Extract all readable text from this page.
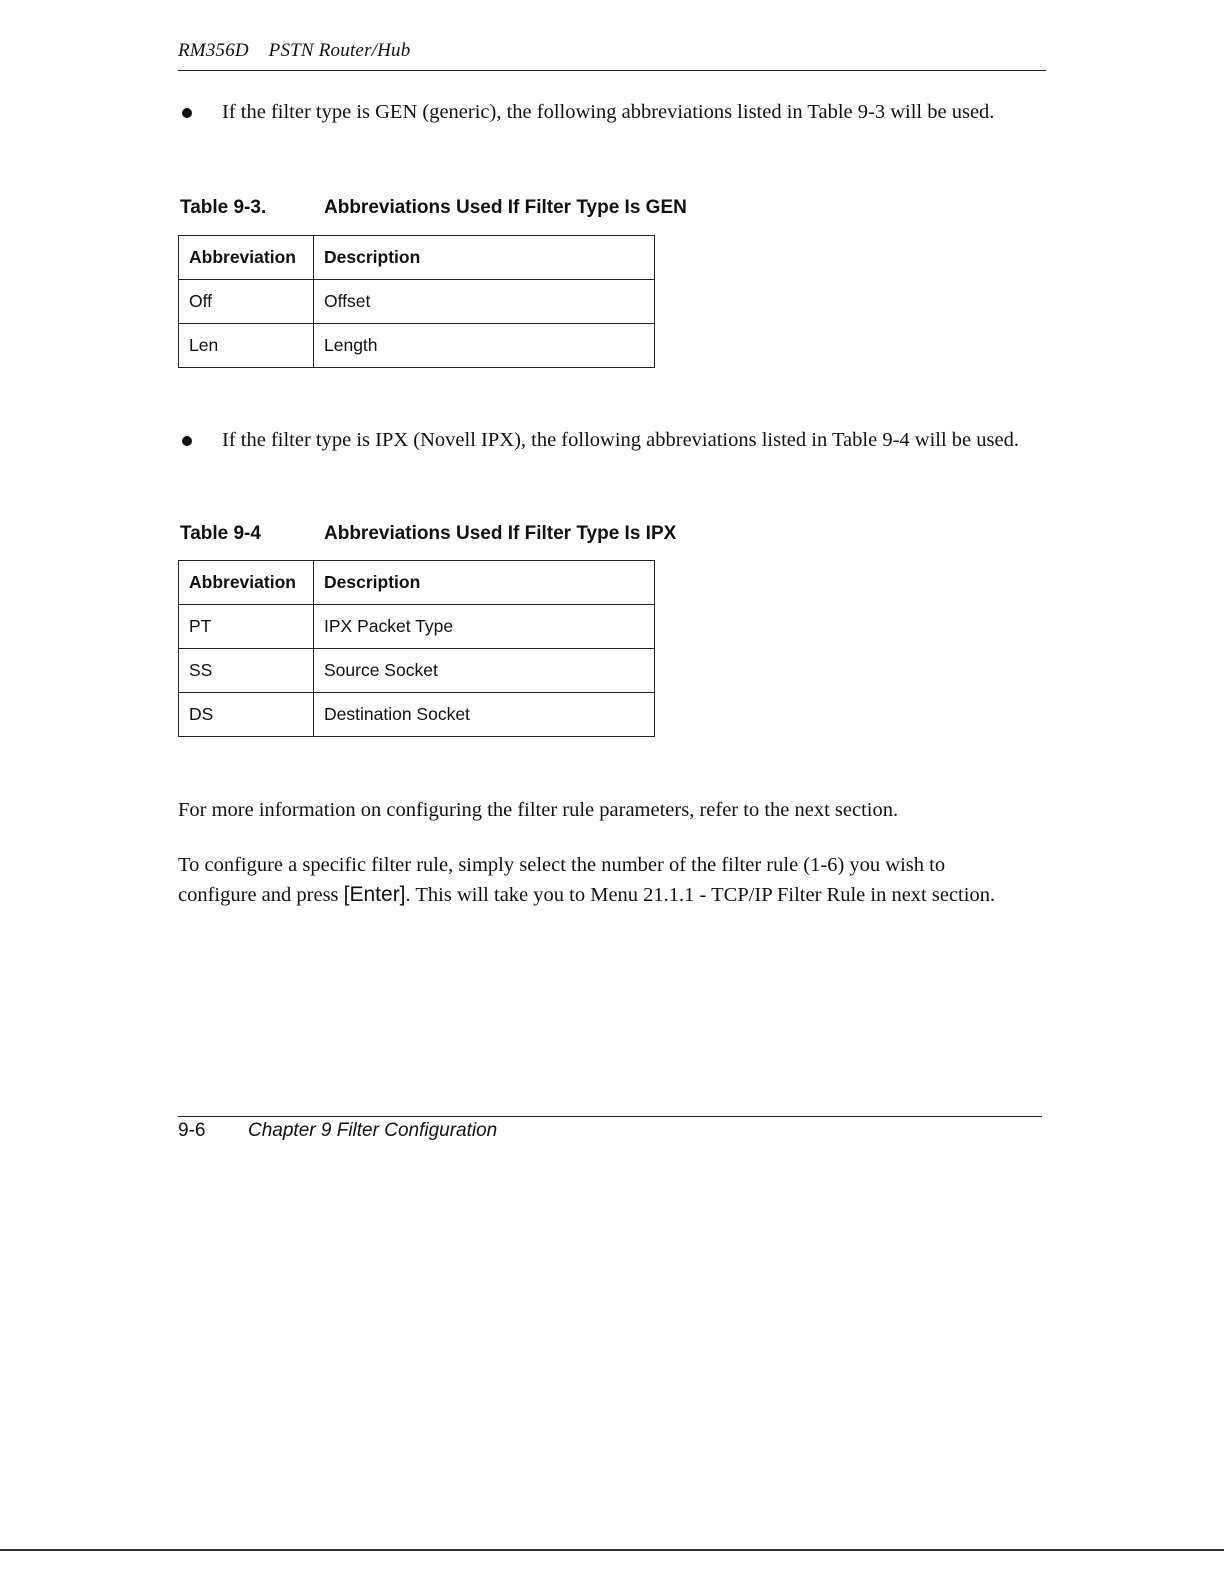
RM356D    PSTN Router/Hub
If the filter type is GEN (generic), the following abbreviations listed in Table 9-3 will be used.
Table 9-3.	Abbreviations Used If Filter Type Is GEN
Abbreviation	Description
Off	Offset
Len	Length
If the filter type is IPX (Novell IPX), the following abbreviations listed in Table 9-4 will be used.
Table 9-4	Abbreviations Used If Filter Type Is IPX
Abbreviation	Description
PT	IPX Packet Type
SS	Source Socket
DS	Destination Socket
For more information on configuring the filter rule parameters, refer to the next section.
To configure a specific filter rule, simply select the number of the filter rule (1-6) you wish to configure and press [Enter]. This will take you to Menu 21.1.1 - TCP/IP Filter Rule in next section.
9-6 Chapter 9 Filter Configuration
